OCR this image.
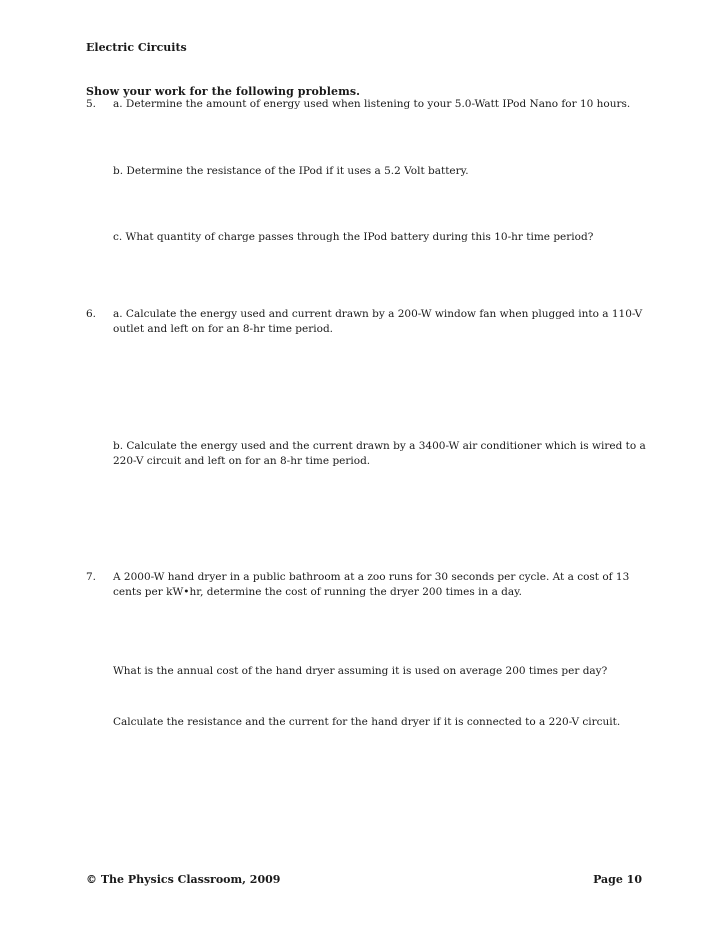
Electric Circuits
Show your work for the following problems.
5. a. Determine the amount of energy used when listening to your 5.0-Watt IPod Nano for 10 hours.
b. Determine the resistance of the IPod if it uses a 5.2 Volt battery.
c. What quantity of charge passes through the IPod battery during this 10-hr time period?
6. a. Calculate the energy used and current drawn by a 200-W window fan when plugged into a 110-V
outlet and left on for an 8-hr time period.
b. Calculate the energy used and the current drawn by a 3400-W air conditioner which is wired to a
220-V circuit and left on for an 8-hr time period.
7. A 2000-W hand dryer in a public bathroom at a zoo runs for 30 seconds per cycle. At a cost of 13
cents per kW•hr, determine the cost of running the dryer 200 times in a day.
What is the annual cost of the hand dryer assuming it is used on average 200 times per day?
Calculate the resistance and the current for the hand dryer if it is connected to a 220-V circuit.
© The Physics Classroom, 2009	Page 10
